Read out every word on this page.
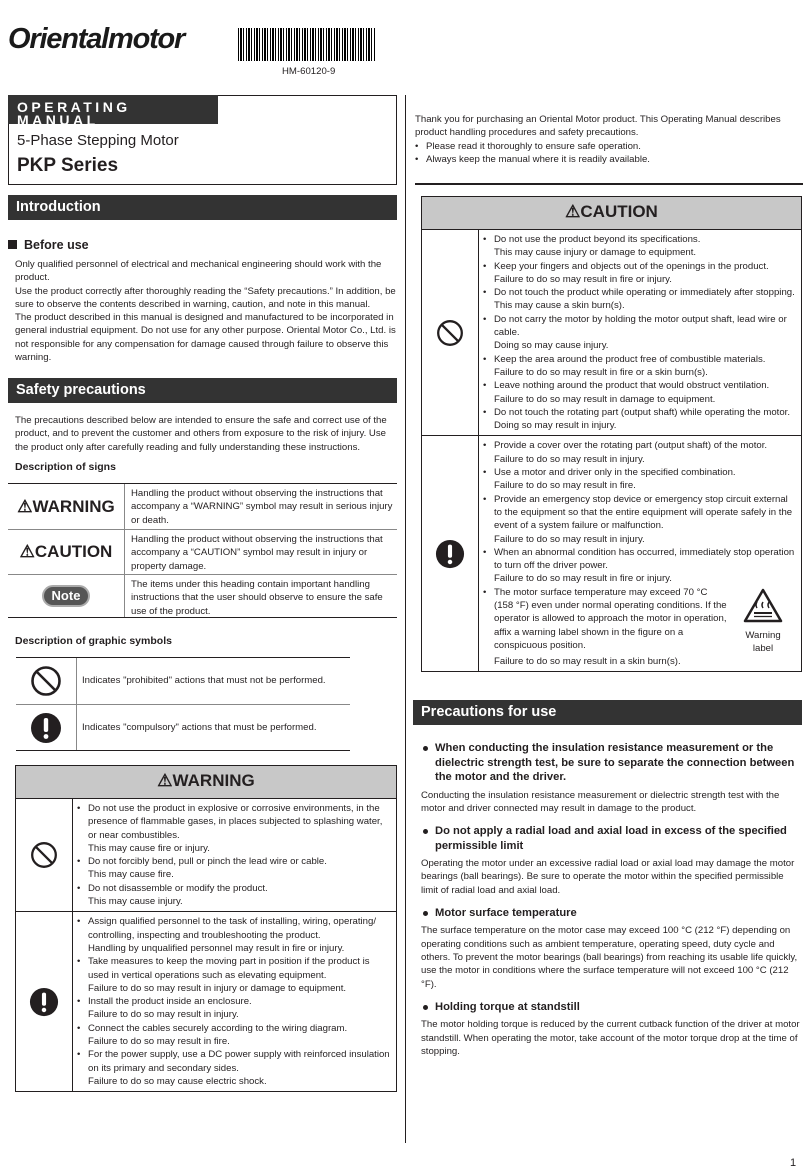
Orientalmotor
HM-60120-9
OPERATING MANUAL
5-Phase Stepping Motor
PKP Series

Thank you for purchasing an Oriental Motor product. This Operating Manual describes product handling procedures and safety precautions.

• Please read it thoroughly to ensure safe operation.
• Always keep the manual where it is readily available.
Introduction
Before use
Only qualified personnel of electrical and mechanical engineering should work with the product.
Use the product correctly after thoroughly reading the “Safety precautions.” In addition, be sure to observe the contents described in warning, caution, and note in this manual.
The product described in this manual is designed and manufactured to be incorporated in general industrial equipment. Do not use for any other purpose. Oriental Motor Co., Ltd. is not responsible for any compensation for damage caused through failure to observe this warning.
Safety precautions
The precautions described below are intended to ensure the safe and correct use of the product, and to prevent the customer and others from exposure to the risk of injury. Use the product only after carefully reading and fully understanding these instructions.
Description of signs
⚠ WARNING
Handling the product without observing the instructions that accompany a “WARNING” symbol may result in serious injury or death.
⚠ CAUTION
Handling the product without observing the instructions that accompany a “CAUTION” symbol may result in injury or property damage.
Note
The items under this heading contain important handling instructions that the user should observe to ensure the safe use of the product.
Description of graphic symbols
Indicates "prohibited" actions that must not be performed.
Indicates "compulsory" actions that must be performed.
⚠WARNING
• Do not use the product in explosive or corrosive environments, in the presence of flammable gases, in places subjected to splashing water, or near combustibles.
This may cause fire or injury.
• Do not forcibly bend, pull or pinch the lead wire or cable.
This may cause fire.
• Do not disassemble or modify the product.
This may cause injury.
• Assign qualified personnel to the task of installing, wiring, operating/ controlling, inspecting and troubleshooting the product.
Handling by unqualified personnel may result in fire or injury.
• Take measures to keep the moving part in position if the product is used in vertical operations such as elevating equipment.
Failure to do so may result in injury or damage to equipment.
• Install the product inside an enclosure.
Failure to do so may result in injury.
• Connect the cables securely according to the wiring diagram.
Failure to do so may result in fire.
• For the power supply, use a DC power supply with reinforced insulation on its primary and secondary sides.
Failure to do so may cause electric shock.
⚠CAUTION
• Do not use the product beyond its specifications.
This may cause injury or damage to equipment.
• Keep your fingers and objects out of the openings in the product.
Failure to do so may result in fire or injury.
• Do not touch the product while operating or immediately after stopping.
This may cause a skin burn(s).
• Do not carry the motor by holding the motor output shaft, lead wire or cable.
Doing so may cause injury.
• Keep the area around the product free of combustible materials.
Failure to do so may result in fire or a skin burn(s).
• Leave nothing around the product that would obstruct ventilation.
Failure to do so may result in damage to equipment.
• Do not touch the rotating part (output shaft) while operating the motor.
Doing so may result in injury.
• Provide a cover over the rotating part (output shaft) of the motor.
Failure to do so may result in injury.
• Use a motor and driver only in the specified combination.
Failure to do so may result in fire.
• Provide an emergency stop device or emergency stop circuit external to the equipment so that the entire equipment will operate safely in the event of a system failure or malfunction.
Failure to do so may result in injury.
• When an abnormal condition has occurred, immediately stop operation to turn off the driver power.
Failure to do so may result in fire or injury.
• The motor surface temperature may exceed 70 °C (158 °F) even under normal operating conditions. If the operator is allowed to approach the motor in operation, affix a warning label shown in the figure on a conspicuous position.
Warning label
Failure to do so may result in a skin burn(s).
Precautions for use
When conducting the insulation resistance measurement or the dielectric strength test, be sure to separate the connection between the motor and the driver.

Conducting the insulation resistance measurement or dielectric strength test with the motor and driver connected may result in damage to the product.

Do not apply a radial load and axial load in excess of the specified permissible limit

Operating the motor under an excessive radial load or axial load may damage the motor bearings (ball bearings). Be sure to operate the motor within the specified permissible limit of radial load and axial load.

Motor surface temperature

The surface temperature on the motor case may exceed 100 °C (212 °F) depending on operating conditions such as ambient temperature, operating speed, duty cycle and others. To prevent the motor bearings (ball bearings) from reaching its usable life quickly, use the motor in conditions where the surface temperature will not exceed 100 °C (212 °F).

Holding torque at standstill

The motor holding torque is reduced by the current cutback function of the driver at motor standstill. When operating the motor, take account of the motor torque drop at the time of stopping.

1
